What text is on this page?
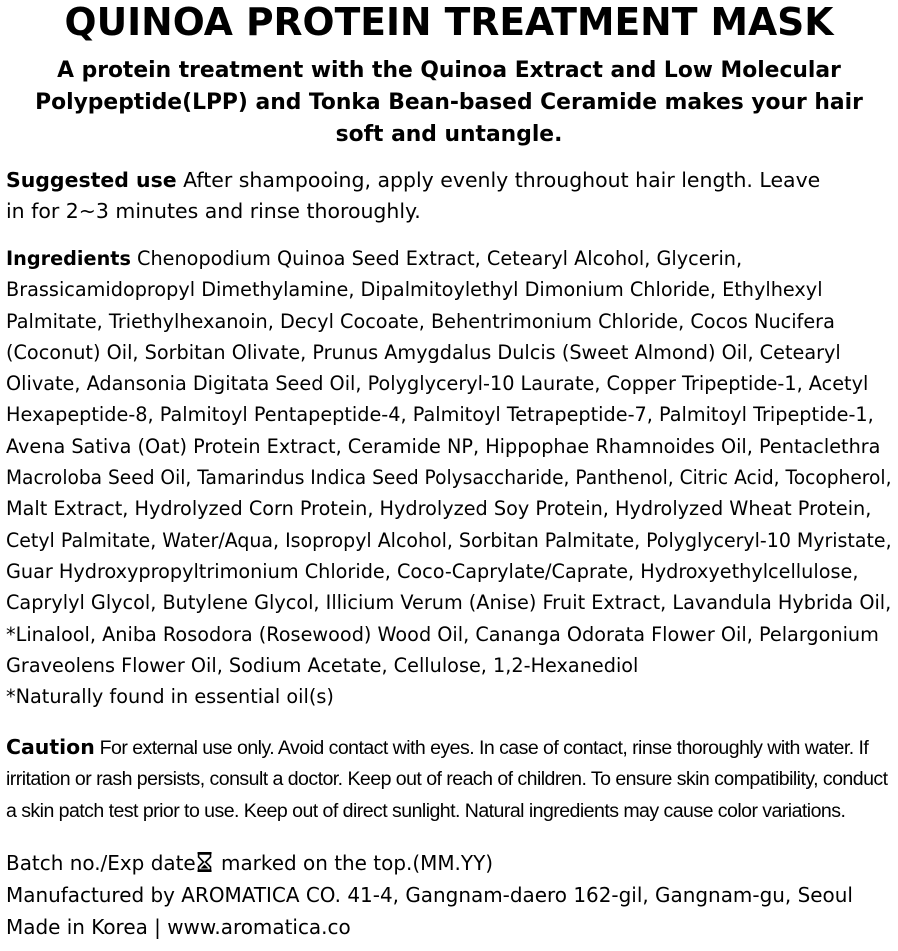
QUINOA PROTEIN TREATMENT MASK
A protein treatment with the Quinoa Extract and Low Molecular
Polypeptide(LPP) and Tonka Bean-based Ceramide makes your hair
soft and untangle.
Suggested use After shampooing, apply evenly throughout hair length. Leave
in for 2~3 minutes and rinse thoroughly.
Ingredients Chenopodium Quinoa Seed Extract, Cetearyl Alcohol, Glycerin,
Brassicamidopropyl Dimethylamine, Dipalmitoylethyl Dimonium Chloride, Ethylhexyl
Palmitate, Triethylhexanoin, Decyl Cocoate, Behentrimonium Chloride, Cocos Nucifera
(Coconut) Oil, Sorbitan Olivate, Prunus Amygdalus Dulcis (Sweet Almond) Oil, Cetearyl
Olivate, Adansonia Digitata Seed Oil, Polyglyceryl-10 Laurate, Copper Tripeptide-1, Acetyl
Hexapeptide-8, Palmitoyl Pentapeptide-4, Palmitoyl Tetrapeptide-7, Palmitoyl Tripeptide-1,
Avena Sativa (Oat) Protein Extract, Ceramide NP, Hippophae Rhamnoides Oil, Pentaclethra
Macroloba Seed Oil, Tamarindus Indica Seed Polysaccharide, Panthenol, Citric Acid, Tocopherol,
Malt Extract, Hydrolyzed Corn Protein, Hydrolyzed Soy Protein, Hydrolyzed Wheat Protein,
Cetyl Palmitate, Water/Aqua, Isopropyl Alcohol, Sorbitan Palmitate, Polyglyceryl-10 Myristate,
Guar Hydroxypropyltrimonium Chloride, Coco-Caprylate/Caprate, Hydroxyethylcellulose,
Caprylyl Glycol, Butylene Glycol, Illicium Verum (Anise) Fruit Extract, Lavandula Hybrida Oil,
*Linalool, Aniba Rosodora (Rosewood) Wood Oil, Cananga Odorata Flower Oil, Pelargonium
Graveolens Flower Oil, Sodium Acetate, Cellulose, 1,2-Hexanediol
*Naturally found in essential oil(s)
Caution For external use only. Avoid contact with eyes. In case of contact, rinse thoroughly with water. If
irritation or rash persists, consult a doctor. Keep out of reach of children. To ensure skin compatibility, conduct
a skin patch test prior to use. Keep out of direct sunlight. Natural ingredients may cause color variations.
Batch no./Exp date marked on the top.(MM.YY)
Manufactured by AROMATICA CO. 41-4, Gangnam-daero 162-gil, Gangnam-gu, Seoul
Made in Korea | www.aromatica.co
